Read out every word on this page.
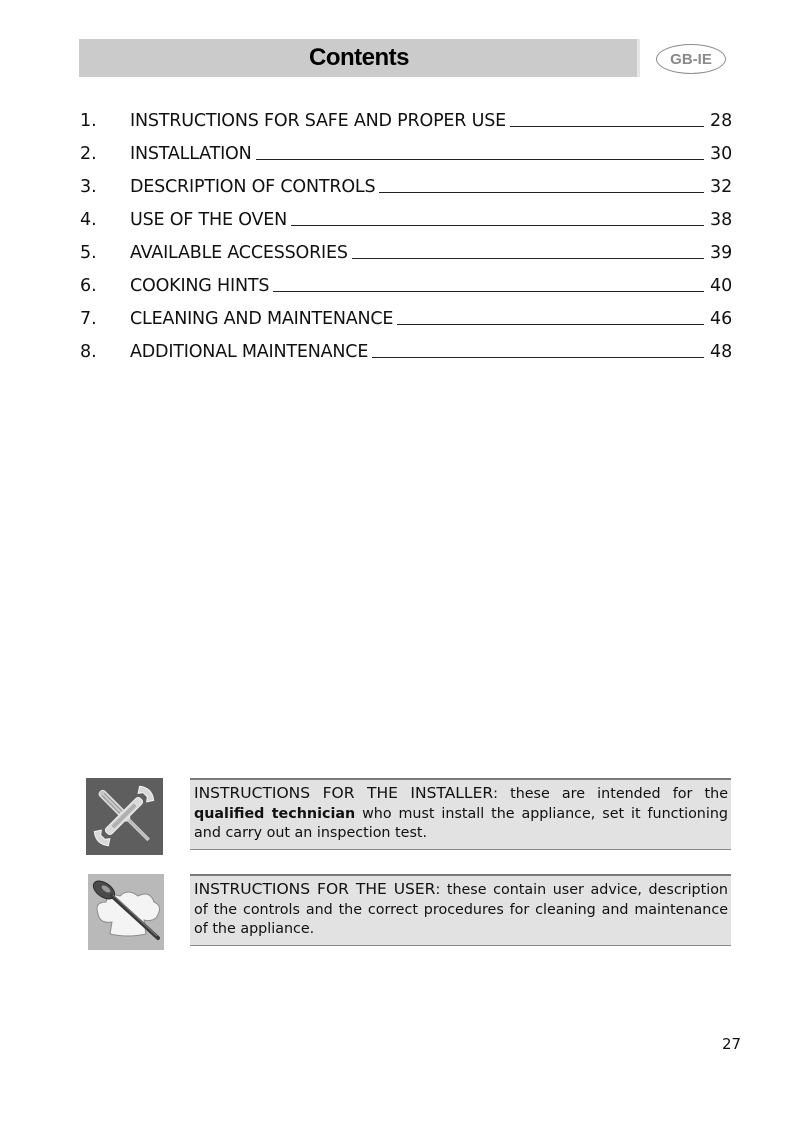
Contents	GB-IE
1.	INSTRUCTIONS FOR SAFE AND PROPER USE	28
2.	INSTALLATION	30
3.	DESCRIPTION OF CONTROLS	32
4.	USE OF THE OVEN	38
5.	AVAILABLE ACCESSORIES	39
6.	COOKING HINTS	40
7.	CLEANING AND MAINTENANCE	46
8.	ADDITIONAL MAINTENANCE	48
INSTRUCTIONS FOR THE INSTALLER: these are intended for the qualified technician who must install the appliance, set it functioning and carry out an inspection test.
INSTRUCTIONS FOR THE USER: these contain user advice, description of the controls and the correct procedures for cleaning and maintenance of the appliance.
27
